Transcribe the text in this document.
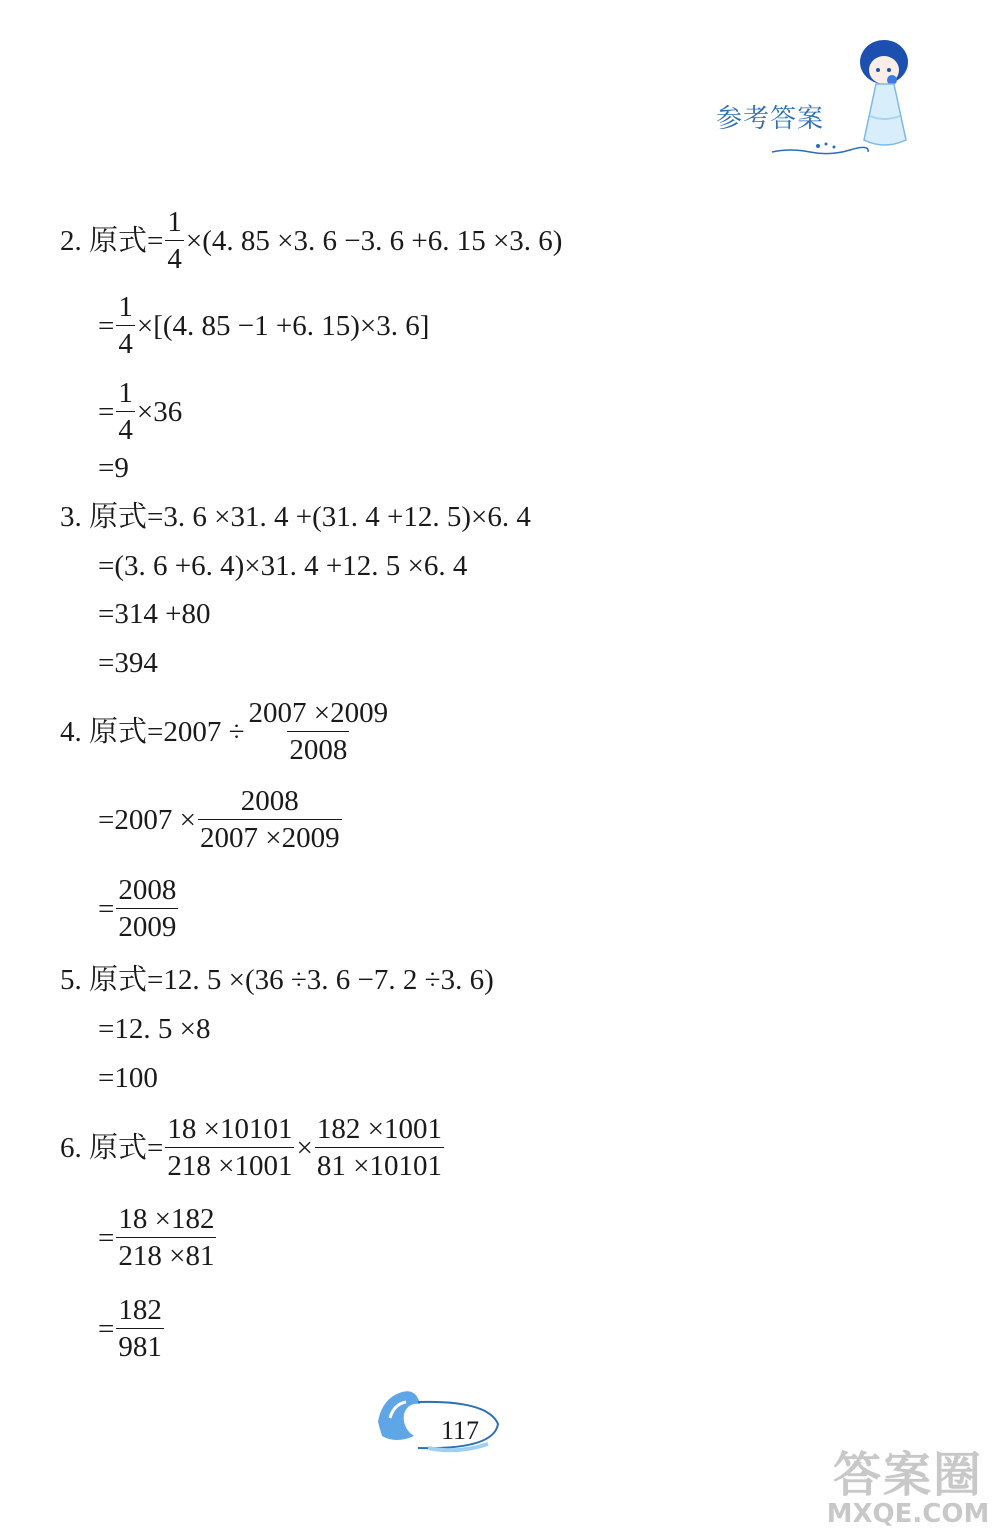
参考答案
2. 原式 = $\frac{1}{4} \times(4$. 85 ×3. 6 −3. 6 +6. 15 ×3. 6)
= $\frac{1}{4} \times[(4$. 85 −1 +6. 15)×3. 6]
= $\frac{1}{4} \times 36$
=9
3. 原式 =3. 6 ×31. 4 +(31. 4 +12. 5)×6. 4
=(3. 6 +6. 4)×31. 4 +12. 5 ×6. 4
=314 +80
=394
4. 原式 $=2007 \div \frac{2007 \times 2009}{2008}$
$=2007 \times \frac{2008}{2007 \times 2009}$
= $\frac{2008}{2009}$
5. 原式 =12. 5 ×(36 ÷3. 6 −7. 2 ÷3. 6)
=12. 5 ×8
=100
6. 原式 = $\frac{18 \times 10101}{218 \times 1001} \times \frac{182 \times 1001}{81 \times 10101}$
= $\frac{18 \times 182}{218 \times 81}$
= $\frac{182}{981}$
117
答案圈
MXQE.COM
